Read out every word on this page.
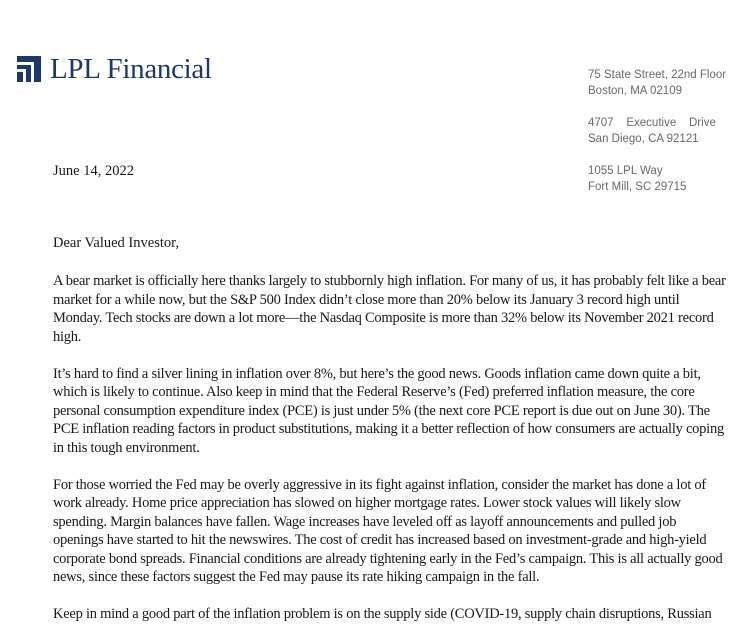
LPL Financial	75 State Street, 22nd Floor
Boston, MA 02109
4707    Executive    Drive
San Diego, CA 92121
1055 LPL Way
Fort Mill, SC 29715
June 14, 2022
Dear Valued Investor,

A bear market is officially here thanks largely to stubbornly high inflation. For many of us, it has probably felt like a bear market for a while now, but the S&P 500 Index didn’t close more than 20% below its January 3 record high until Monday. Tech stocks are down a lot more—the Nasdaq Composite is more than 32% below its November 2021 record high.

It’s hard to find a silver lining in inflation over 8%, but here’s the good news. Goods inflation came down quite a bit, which is likely to continue. Also keep in mind that the Federal Reserve’s (Fed) preferred inflation measure, the core personal consumption expenditure index (PCE) is just under 5% (the next core PCE report is due out on June 30). The PCE inflation reading factors in product substitutions, making it a better reflection of how consumers are actually coping in this tough environment.

For those worried the Fed may be overly aggressive in its fight against inflation, consider the market has done a lot of work already. Home price appreciation has slowed on higher mortgage rates. Lower stock values will likely slow spending. Margin balances have fallen. Wage increases have leveled off as layoff announcements and pulled job openings have started to hit the newswires. The cost of credit has increased based on investment-grade and high-yield corporate bond spreads. Financial conditions are already tightening early in the Fed’s campaign. This is all actually good news, since these factors suggest the Fed may pause its rate hiking campaign in the fall.

Keep in mind a good part of the inflation problem is on the supply side (COVID-19, supply chain disruptions, Russian
